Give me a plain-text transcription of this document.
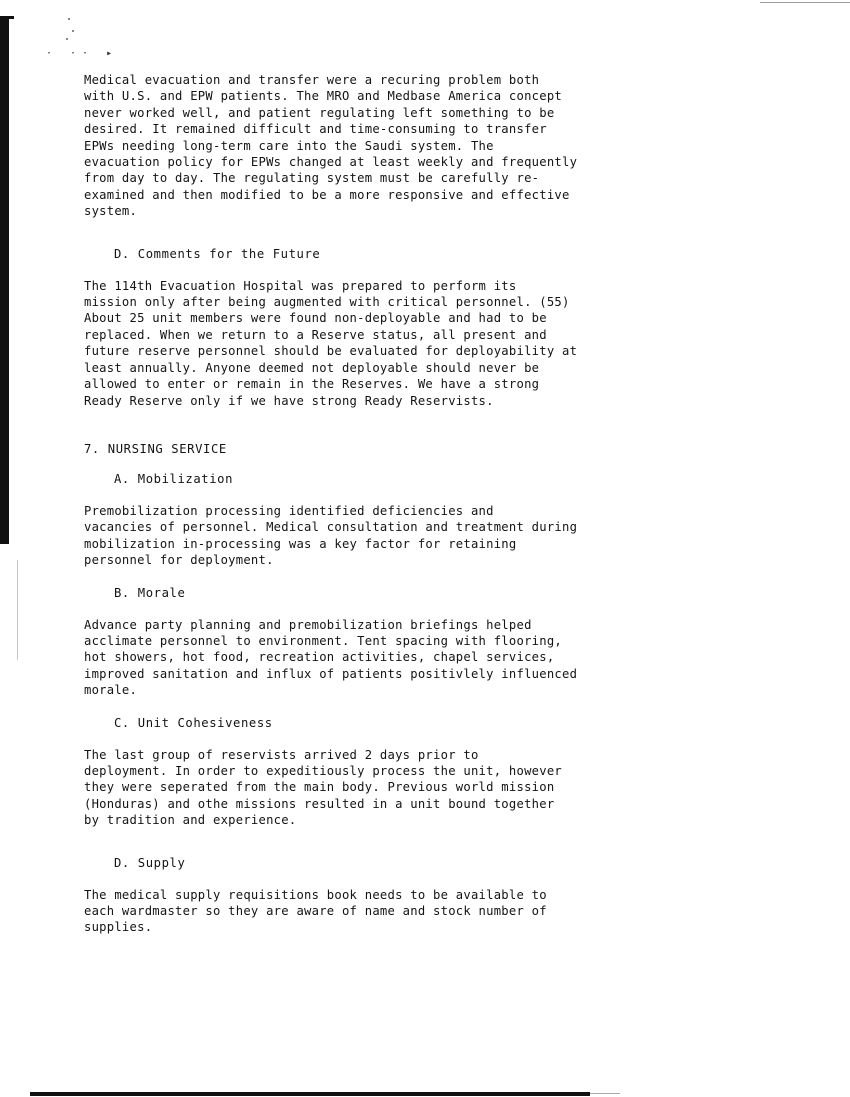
· ·· ▸

Medical evacuation and transfer were a recuring problem both
with U.S. and EPW patients. The MRO and Medbase America concept
never worked well, and patient regulating left something to be
desired. It remained difficult and time-consuming to transfer
EPWs needing long-term care into the Saudi system. The
evacuation policy for EPWs changed at least weekly and frequently
from day to day. The regulating system must be carefully re-
examined and then modified to be a more responsive and effective
system.

D. Comments for the Future

The 114th Evacuation Hospital was prepared to perform its
mission only after being augmented with critical personnel. (55)
About 25 unit members were found non-deployable and had to be
replaced. When we return to a Reserve status, all present and
future reserve personnel should be evaluated for deployability at
least annually. Anyone deemed not deployable should never be
allowed to enter or remain in the Reserves. We have a strong
Ready Reserve only if we have strong Ready Reservists.

7. NURSING SERVICE

A. Mobilization

Premobilization processing identified deficiencies and
vacancies of personnel. Medical consultation and treatment during
mobilization in-processing was a key factor for retaining
personnel for deployment.

B. Morale

Advance party planning and premobilization briefings helped
acclimate personnel to environment. Tent spacing with flooring,
hot showers, hot food, recreation activities, chapel services,
improved sanitation and influx of patients positivlely influenced
morale.

C. Unit Cohesiveness

The last group of reservists arrived 2 days prior to
deployment. In order to expeditiously process the unit, however
they were seperated from the main body. Previous world mission
(Honduras) and othe missions resulted in a unit bound together
by tradition and experience.

D. Supply

The medical supply requisitions book needs to be available to
each wardmaster so they are aware of name and stock number of
supplies.
